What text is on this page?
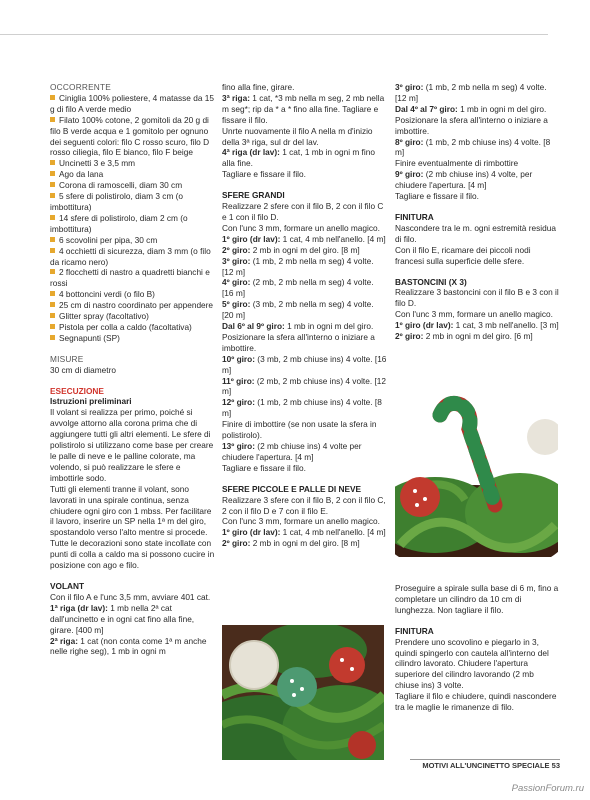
OCCORRENTE

Ciniglia 100% poliestere, 4 matasse da 15 g di filo A verde medio

Filato 100% cotone, 2 gomitoli da 20 g di filo B verde acqua e 1 gomitolo per ognuno dei seguenti colori: filo C rosso scuro, filo D rosso ciliegia, filo E bianco, filo F beige

Uncinetti 3 e 3,5 mm

Ago da lana

Corona di ramoscelli, diam 30 cm

5 sfere di polistirolo, diam 3 cm (o imbottitura)

14 sfere di polistirolo, diam 2 cm (o imbottitura)

6 scovolini per pipa, 30 cm

4 occhietti di sicurezza, diam 3 mm (o filo da ricamo nero)

2 flocchetti di nastro a quadretti bianchi e rossi

4 bottoncini verdi (o filo B)

25 cm di nastro coordinato per appendere

Glitter spray (facoltativo)

Pistola per colla a caldo (facoltativa)

Segnapunti (SP)

MISURE

30 cm di diametro

ESECUZIONE

Istruzioni preliminari

Il volant si realizza per primo, poiché si avvolge attorno alla corona prima che di aggiungere tutti gli altri elementi. Le sfere di polistirolo si utilizzano come base per creare le palle di neve e le palline colorate, ma volendo, si può realizzare le sfere e imbottirle sodo.

Tutti gli elementi tranne il volant, sono lavorati in una spirale continua, senza chiudere ogni giro con 1 mbss. Per facilitare il lavoro, inserire un SP nella 1ª m del giro, spostandolo verso l'alto mentre si procede.

Tutte le decorazioni sono state incollate con punti di colla a caldo ma si possono cucire in posizione con ago e filo.

VOLANT

Con il filo A e l'unc 3,5 mm, avviare 401 cat.

1ª riga (dr lav): 1 mb nella 2ª cat dall'uncinetto e in ogni cat fino alla fine, girare. [400 m]

2ª riga: 1 cat (non conta come 1ª m anche nelle righe seg), 1 mb in ogni m

fino alla fine, girare.

3ª riga: 1 cat, *3 mb nella m seg, 2 mb nella m seg*; rip da * a * fino alla fine. Tagliare e fissare il filo.

Unrte nuovamente il filo A nella m d'inizio della 3ª riga, sul dr del lav.

4ª riga (dr lav): 1 cat, 1 mb in ogni m fino alla fine.

Tagliare e fissare il filo.

SFERE GRANDI

Realizzare 2 sfere con il filo B, 2 con il filo C e 1 con il filo D.

Con l'unc 3 mm, formare un anello magico.

1º giro (dr lav): 1 cat, 4 mb nell'anello. [4 m]

2º giro: 2 mb in ogni m del giro. [8 m]

3º giro: (1 mb, 2 mb nella m seg) 4 volte. [12 m]

4º giro: (2 mb, 2 mb nella m seg) 4 volte. [16 m]

5º giro: (3 mb, 2 mb nella m seg) 4 volte. [20 m]

Dal 6º al 9º giro: 1 mb in ogni m del giro.

Posizionare la sfera all'interno o iniziare a imbottire.

10º giro: (3 mb, 2 mb chiuse ins) 4 volte. [16 m]

11º giro: (2 mb, 2 mb chiuse ins) 4 volte. [12 m]

12º giro: (1 mb, 2 mb chiuse ins) 4 volte. [8 m]

Finire di imbottire (se non usate la sfera in polistirolo).

13º giro: (2 mb chiuse ins) 4 volte per chiudere l'apertura. [4 m]

Tagliare e fissare il filo.

SFERE PICCOLE E PALLE DI NEVE

Realizzare 3 sfere con il filo B, 2 con il filo C, 2 con il filo D e 7 con il filo E.

Con l'unc 3 mm, formare un anello magico.

1º giro (dr lav): 1 cat, 4 mb nell'anello. [4 m]

2º giro: 2 mb in ogni m del giro. [8 m]

3º giro: (1 mb, 2 mb nella m seg) 4 volte. [12 m]

Dal 4º al 7º giro: 1 mb in ogni m del giro.

Posizionare la sfera all'interno o iniziare a imbottire.

8º giro: (1 mb, 2 mb chiuse ins) 4 volte. [8 m]

Finire eventualmente di rimbottire

9º giro: (2 mb chiuse ins) 4 volte, per chiudere l'apertura. [4 m]

Tagliare e fissare il filo.

FINITURA

Nascondere tra le m. ogni estremità residua di filo.

Con il filo E, ricamare dei piccoli nodi francesi sulla superficie delle sfere.

BASTONCINI (X 3)

Realizzare 3 bastoncini con il filo B e 3 con il filo D.

Con l'unc 3 mm, formare un anello magico.

1º giro (dr lav): 1 cat, 3 mb nell'anello. [3 m]

2º giro: 2 mb in ogni m del giro. [6 m]

Proseguire a spirale sulla base di 6 m, fino a completare un cilindro da 10 cm di lunghezza. Non tagliare il filo.

FINITURA

Prendere uno scovolino e piegarlo in 3, quindi spingerlo con cautela all'interno del cilindro lavorato. Chiudere l'apertura superiore del cilindro lavorando (2 mb chiuse ins) 3 volte.

Tagliare il filo e chiudere, quindi nascondere tra le maglie le rimanenze di filo.

MOTIVI ALL'UNCINETTO SPECIALE 53
PassionForum.ru
